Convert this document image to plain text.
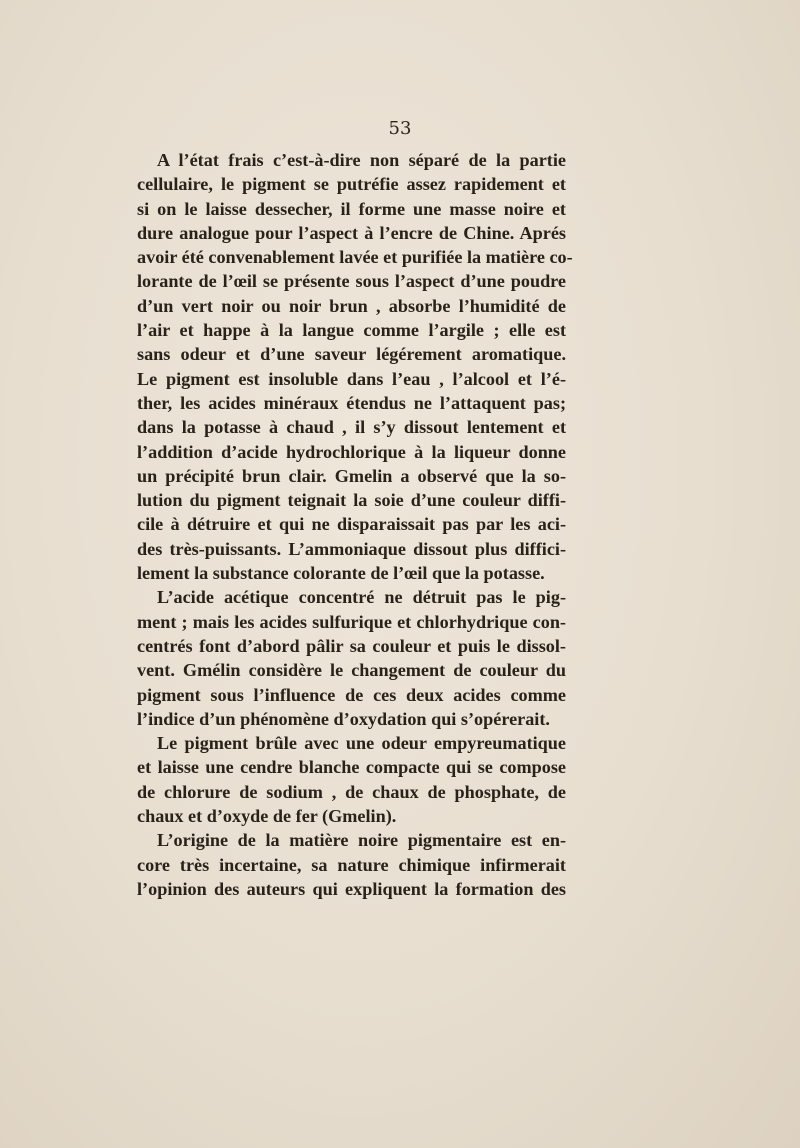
53
A l’état frais c’est-à-dire non séparé de la partie
cellulaire, le pigment se putréfie assez rapidement et
si on le laisse dessecher, il forme une masse noire et
dure analogue pour l’aspect à l’encre de Chine. Aprés
avoir été convenablement lavée et purifiée la matière co-
lorante de l’œil se présente sous l’aspect d’une poudre
d’un vert noir ou noir brun , absorbe l’humidité de
l’air et happe à la langue comme l’argile ; elle est
sans odeur et d’une saveur légérement aromatique.
Le pigment est insoluble dans l’eau , l’alcool et l’é-
ther, les acides minéraux étendus ne l’attaquent pas;
dans la potasse à chaud , il s’y dissout lentement et
l’addition d’acide hydrochlorique à la liqueur donne
un précipité brun clair. Gmelin a observé que la so-
lution du pigment teignait la soie d’une couleur diffi-
cile à détruire et qui ne disparaissait pas par les aci-
des très-puissants. L’ammoniaque dissout plus diffici-
lement la substance colorante de l’œil que la potasse.
L’acide acétique concentré ne détruit pas le pig-
ment ; mais les acides sulfurique et chlorhydrique con-
centrés font d’abord pâlir sa couleur et puis le dissol-
vent. Gmélin considère le changement de couleur du
pigment sous l’influence de ces deux acides comme
l’indice d’un phénomène d’oxydation qui s’opérerait.
Le pigment brûle avec une odeur empyreumatique
et laisse une cendre blanche compacte qui se compose
de chlorure de sodium , de chaux de phosphate, de
chaux et d’oxyde de fer (Gmelin).
L’origine de la matière noire pigmentaire est en-
core très incertaine, sa nature chimique infirmerait
l’opinion des auteurs qui expliquent la formation des
